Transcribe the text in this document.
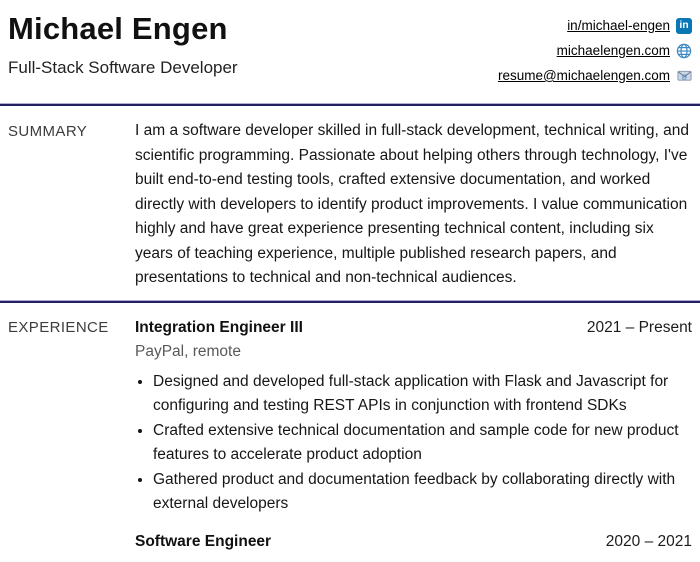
Michael Engen
Full-Stack Software Developer
in/michael-engen in
michaelengen.com
resume@michaelengen.com @
SUMMARY	I am a software developer skilled in full-stack development, technical writing, and scientific programming. Passionate about helping others through technology, I've built end-to-end testing tools, crafted extensive documentation, and worked directly with developers to identify product improvements. I value communication highly and have great experience presenting technical content, including six years of teaching experience, multiple published research papers, and presentations to technical and non-technical audiences.

EXPERIENCE	Integration Engineer III	2021 – Present
PayPal, remote
• Designed and developed full-stack application with Flask and Javascript for configuring and testing REST APIs in conjunction with frontend SDKs
• Crafted extensive technical documentation and sample code for new product features to accelerate product adoption
• Gathered product and documentation feedback by collaborating directly with external developers
Software Engineer	2020 – 2021
